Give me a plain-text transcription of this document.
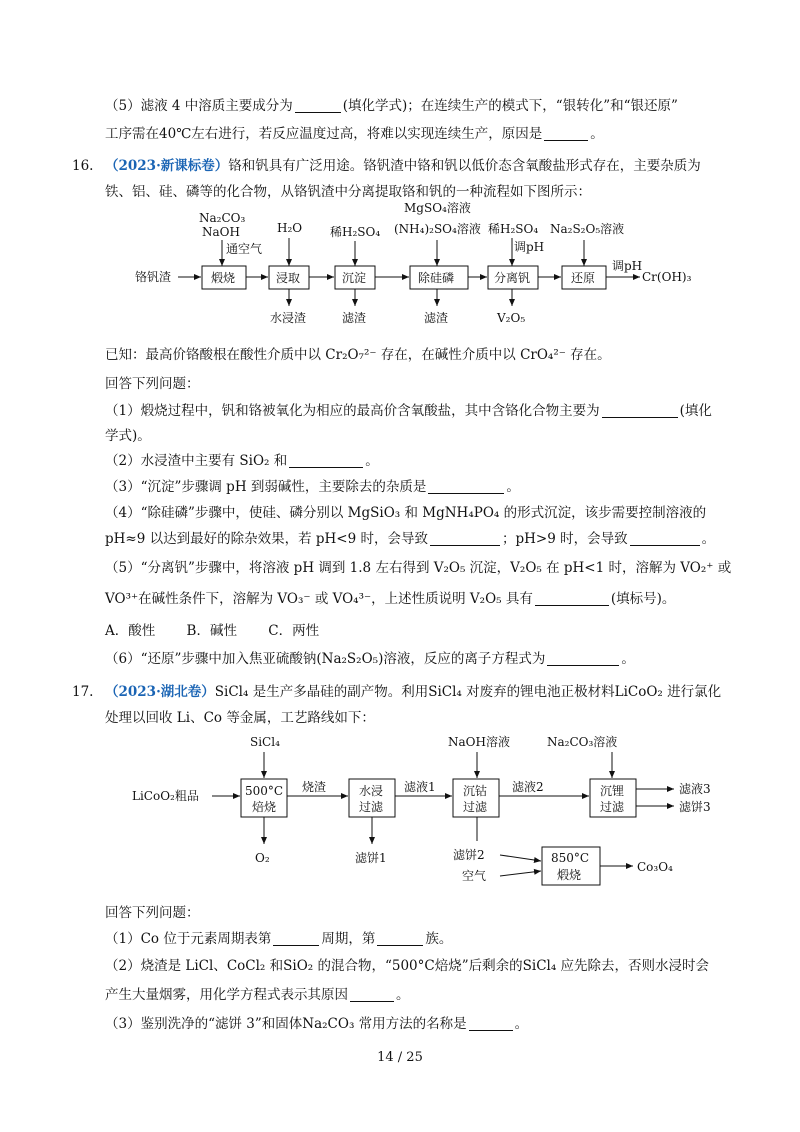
（5）滤液 4 中溶质主要成分为	(填化学式)；在连续生产的模式下，“银转化”和“银还原”
工序需在40℃左右进行，若反应温度过高，将难以实现连续生产，原因是	。
16. （2023·新课标卷）铬和钒具有广泛用途。铬钒渣中铬和钒以低价态含氧酸盐形式存在，主要杂质为
铁、铝、硅、磷等的化合物，从铬钒渣中分离提取铬和钒的一种流程如下图所示：
Na₂CO₃
NaOH
通空气
H₂O 稀H₂SO₄
MgSO₄溶液
(NH₄)₂SO₄溶液 稀H₂SO₄
调pH
Na₂S₂O₅溶液
铬钒渣	煅烧	浸取	沉淀	除硅磷	分离钒	还原
调pH
Cr(OH)₃
水浸渣	滤渣	滤渣	V₂O₅
已知：最高价铬酸根在酸性介质中以 Cr₂O₇²⁻ 存在，在碱性介质中以 CrO₄²⁻ 存在。
回答下列问题：
（1）煅烧过程中，钒和铬被氧化为相应的最高价含氧酸盐，其中含铬化合物主要为	(填化
学式)。
（2）水浸渣中主要有 SiO₂ 和	。
（3）“沉淀”步骤调 pH 到弱碱性，主要除去的杂质是	。
（4）“除硅磷”步骤中，使硅、磷分别以 MgSiO₃ 和 MgNH₄PO₄ 的形式沉淀，该步需要控制溶液的
pH≈9 以达到最好的除杂效果，若 pH<9 时，会导致	；pH>9 时，会导致	。
（5）“分离钒”步骤中，将溶液 pH 调到 1.8 左右得到 V₂O₅ 沉淀，V₂O₅ 在 pH<1 时，溶解为 VO₂⁺ 或
VO³⁺在碱性条件下，溶解为 VO₃⁻ 或 VO₄³⁻，上述性质说明 V₂O₅ 具有	(填标号)。
A．酸性　　 B．碱性　　 C．两性
（6）“还原”步骤中加入焦亚硫酸钠(Na₂S₂O₅)溶液，反应的离子方程式为	。
17. （2023·湖北卷）SiCl₄ 是生产多晶硅的副产物。利用SiCl₄ 对废弃的锂电池正极材料LiCoO₂ 进行氯化
处理以回收 Li、Co 等金属，工艺路线如下：
SiCl₄	NaOH溶液	Na₂CO₃溶液
LiCoO₂粗品	500°C
焙烧
烧渣	水浸
过滤
滤液1 沉钴
过滤
滤液2	沉锂
过滤
滤液3
滤饼3
O₂	滤饼1	滤饼2
空气
850°C
煅烧
Co₃O₄
回答下列问题：
（1）Co 位于元素周期表第	周期，第	族。
（2）烧渣是 LiCl、CoCl₂ 和SiO₂ 的混合物，“500°C焙烧”后剩余的SiCl₄ 应先除去，否则水浸时会
产生大量烟雾，用化学方程式表示其原因	。
（3）鉴别洗净的“滤饼 3”和固体Na₂CO₃ 常用方法的名称是	。
14 / 25
